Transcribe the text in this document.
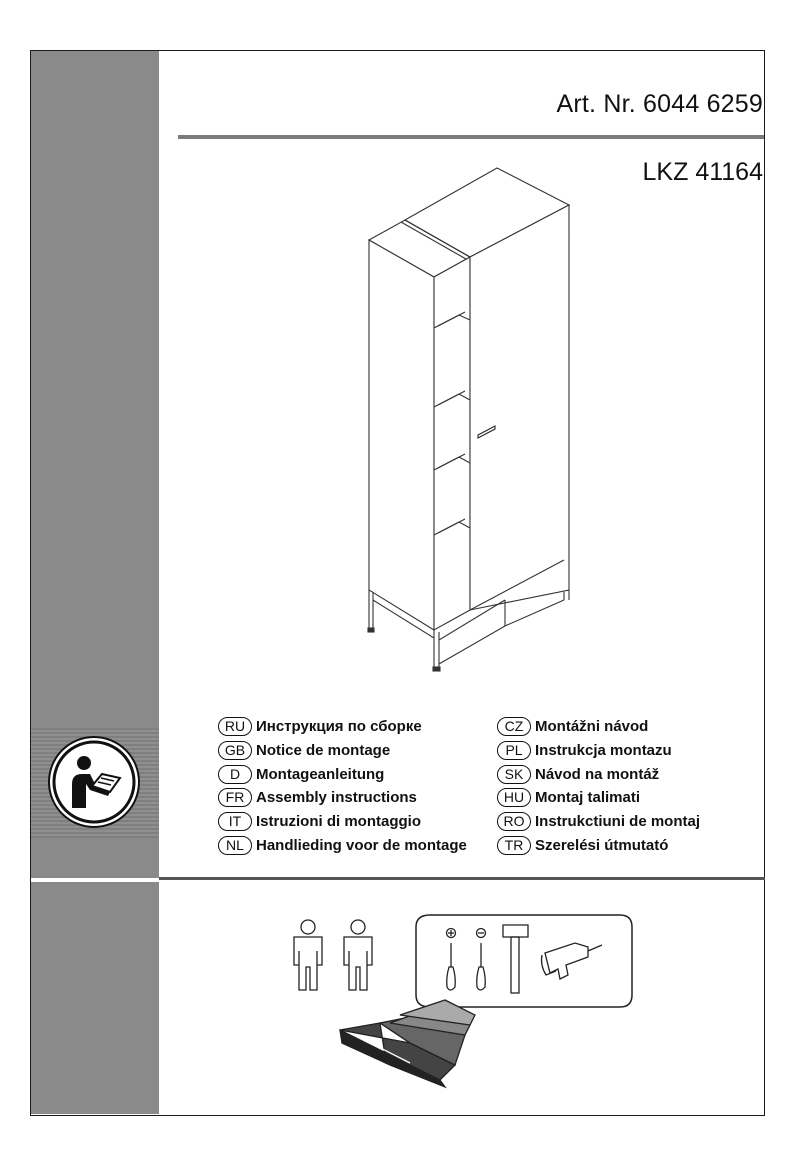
Art. Nr. 6044 6259
LKZ 41164
RU Инструкция по сборке
GB Notice de montage
D	Montageanleitung
FR Assembly instructions
IT Istruzioni di montaggio
NL Handlieding voor de montage
CZ Montážni návod
PL Instrukcja montazu
SK Návod na montáž
HU Montaj talimati
RO Instrukctiuni de montaj
TR Szerelési útmutató
